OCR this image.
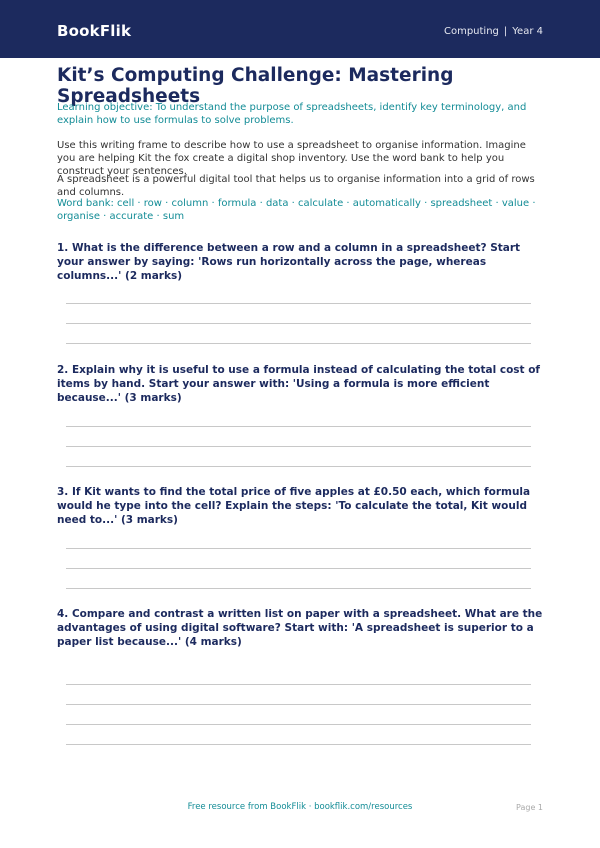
BookFlik	Computing | Year 4
Kit’s Computing Challenge: Mastering Spreadsheets
Learning objective: To understand the purpose of spreadsheets, identify key terminology, and explain how to use formulas to solve problems.
Use this writing frame to describe how to use a spreadsheet to organise information. Imagine you are helping Kit the fox create a digital shop inventory. Use the word bank to help you construct your sentences.
A spreadsheet is a powerful digital tool that helps us to organise information into a grid of rows and columns.
Word bank: cell · row · column · formula · data · calculate · automatically · spreadsheet · value · organise · accurate · sum
1. What is the difference between a row and a column in a spreadsheet? Start your answer by saying: 'Rows run horizontally across the page, whereas columns...' (2 marks)
2. Explain why it is useful to use a formula instead of calculating the total cost of items by hand. Start your answer with: 'Using a formula is more efficient because...' (3 marks)
3. If Kit wants to find the total price of five apples at £0.50 each, which formula would he type into the cell? Explain the steps: 'To calculate the total, Kit would need to...' (3 marks)
4. Compare and contrast a written list on paper with a spreadsheet. What are the advantages of using digital software? Start with: 'A spreadsheet is superior to a paper list because...' (4 marks)
Free resource from BookFlik · bookflik.com/resources	Page 1
